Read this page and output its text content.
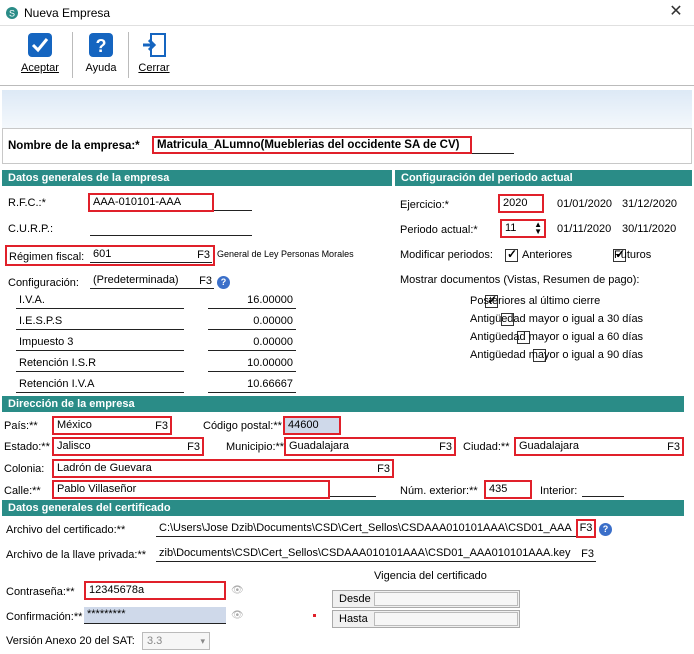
S Nueva Empresa	✕
Aceptar
?
Ayuda	Cerrar
Nombre de la empresa:*	Matricula_ALumno(Mueblerias del occidente SA de CV)
Datos generales de la empresa	Configuración del periodo actual
R.F.C.:*	AAA-010101-AAA
C.U.R.P.:
Régimen fiscal: 601	F3 General de Ley Personas Morales
Configuración: (Predeterminada) F3 ?
I.V.A.	16.00000
I.E.S.P.S	0.00000
Impuesto 3	0.00000
Retención I.S.R	10.00000
Retención I.V.A	10.66667
Ejercicio:*	2020	01/01/2020 31/12/2020
Periodo actual:*	11 ▲
▼ 01/11/2020 30/11/2020
Modificar periodos:
✓	Anteriores
✓	Futuros
Mostrar documentos (Vistas, Resumen de pago):
✓
Posteriores al último cierre

Antigüedad mayor o igual a 30 días

Antigüedad mayor o igual a 60 días
Antigüedad mayor o igual a 90 días
Dirección de la empresa
País:**	México	F3	Código postal:** 44600
Estado:** Jalisco	F3 Municipio:** Guadalajara	F3 Ciudad:** Guadalajara	F3
Colonia:	Ladrón de Guevara	F3
Calle:**	Pablo Villaseñor	Núm. exterior:**	435	Interior:
Datos generales del certificado
Archivo del certificado:**	C:\Users\Jose Dzib\Documents\CSD\Cert_Sellos\CSDAAA010101AAA\CSD01_AAA F3	?
Archivo de la llave privada:** zib\Documents\CSD\Cert_Sellos\CSDAAA010101AAA\CSD01_AAA010101AAA.key F3
Vigencia del certificado
Contraseña:**	12345678a	👁
Desde
Confirmación:** *********	👁	Hasta
Versión Anexo 20 del SAT:	3.3	▾
